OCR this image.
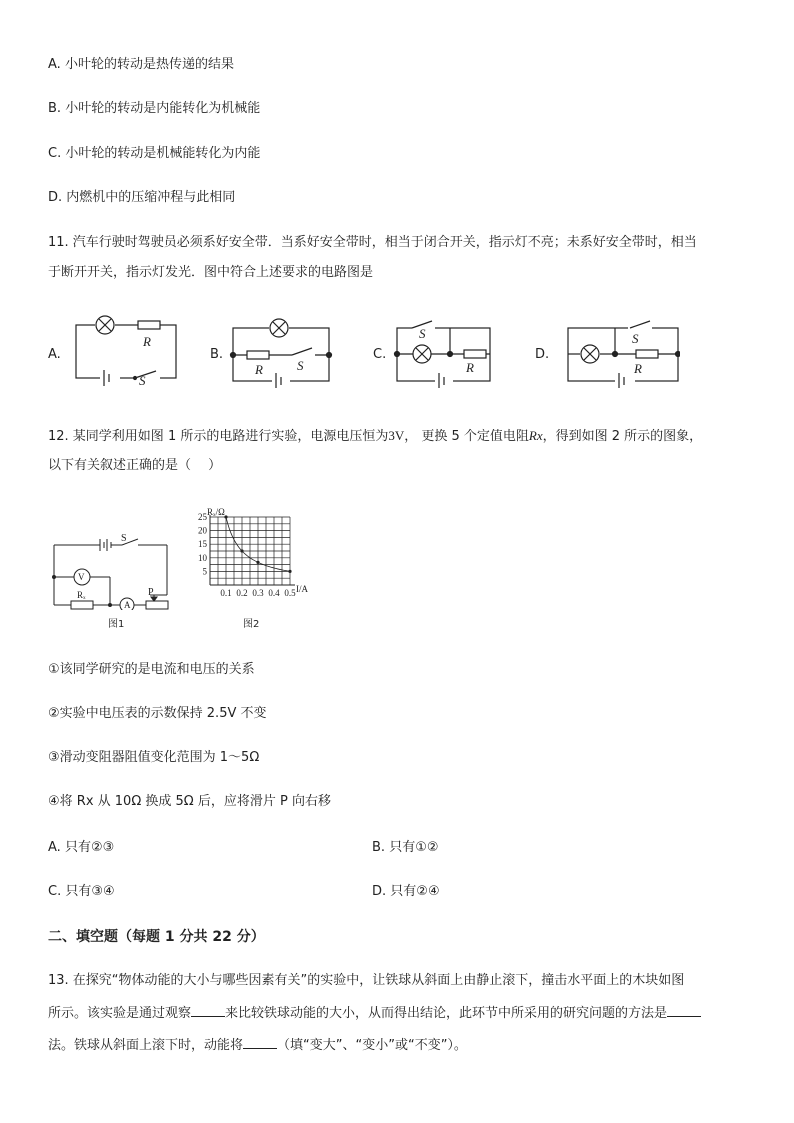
A. 小叶轮的转动是热传递的结果
B. 小叶轮的转动是内能转化为机械能
C. 小叶轮的转动是机械能转化为内能
D. 内燃机中的压缩冲程与此相同
11. 汽车行驶时驾驶员必须系好安全带．当系好安全带时，相当于闭合开关，指示灯不亮；未系好安全带时，相当
于断开开关，指示灯发光．图中符合上述要求的电路图是
A.	B.	C.	D.
R
S
R	S
S
R
S
R
12. 某同学利用如图 1 所示的电路进行实验，电源电压恒为3V， 更换 5 个定值电阻Rx，得到如图 2 所示的图象，
以下有关叙述正确的是（　 ）
S
V
A
P
Rₓ
图1
25
20
15
10
5
0.1 0.2 0.3 0.4 0.5
Rₓ/Ω
I/A
图2
①该同学研究的是电流和电压的关系
②实验中电压表的示数保持 2.5V 不变
③滑动变阻器阻值变化范围为 1～5Ω
④将 Rx 从 10Ω 换成 5Ω 后，应将滑片 P 向右移
A. 只有②③	B. 只有①②
C. 只有③④	D. 只有②④
二、填空题（每题 1 分共 22 分）
13. 在探究“物体动能的大小与哪些因素有关”的实验中，让铁球从斜面上由静止滚下，撞击水平面上的木块如图
所示。该实验是通过观察	来比较铁球动能的大小，从而得出结论，此环节中所采用的研究问题的方法是
法。铁球从斜面上滚下时，动能将	（填“变大”、“变小”或“不变”）。
